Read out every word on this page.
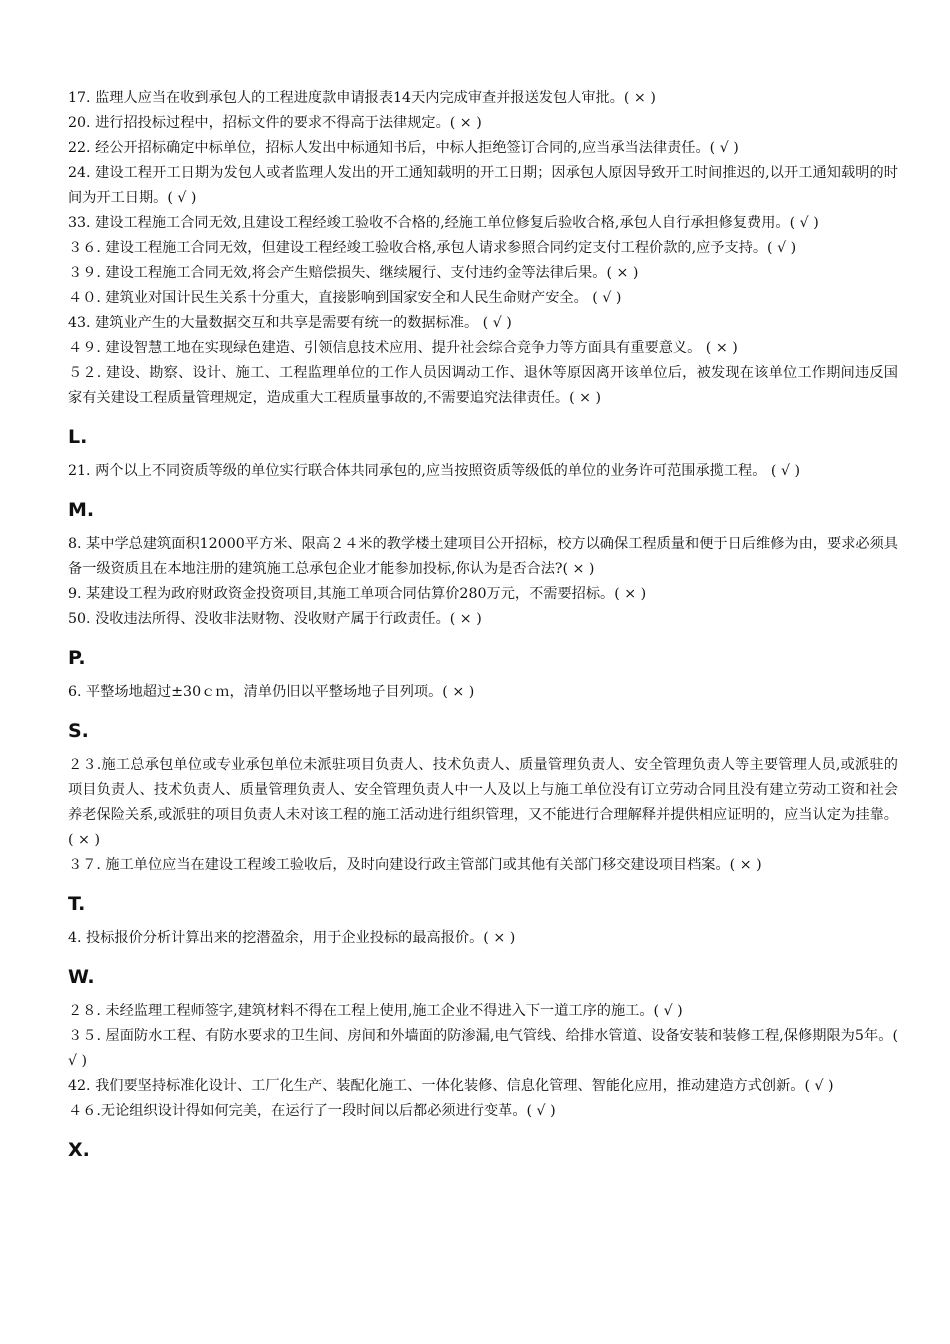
17. 监理人应当在收到承包人的工程进度款申请报表14天内完成审查并报送发包人审批。( × )

20. 进行招投标过程中，招标文件的要求不得高于法律规定。( × )

22. 经公开招标确定中标单位，招标人发出中标通知书后，中标人拒绝签订合同的,应当承当法律责任。( √ )

24. 建设工程开工日期为发包人或者监理人发出的开工通知载明的开工日期；因承包人原因导致开工时间推迟的,以开工通知载明的时间为开工日期。( √ )

33. 建设工程施工合同无效,且建设工程经竣工验收不合格的,经施工单位修复后验收合格,承包人自行承担修复费用。( √ )

３６. 建设工程施工合同无效，但建设工程经竣工验收合格,承包人请求参照合同约定支付工程价款的,应予支持。( √ )

３９. 建设工程施工合同无效,将会产生赔偿损失、继续履行、支付违约金等法律后果。( × )

４０. 建筑业对国计民生关系十分重大，直接影响到国家安全和人民生命财产安全。 ( √ )

43. 建筑业产生的大量数据交互和共享是需要有统一的数据标准。 ( √ )

４９. 建设智慧工地在实现绿色建造、引领信息技术应用、提升社会综合竞争力等方面具有重要意义。 ( × )

５２. 建设、勘察、设计、施工、工程监理单位的工作人员因调动工作、退休等原因离开该单位后，被发现在该单位工作期间违反国家有关建设工程质量管理规定，造成重大工程质量事故的,不需要追究法律责任。( × )

L.

21. 两个以上不同资质等级的单位实行联合体共同承包的,应当按照资质等级低的单位的业务许可范围承揽工程。 ( √ )

M.

8. 某中学总建筑面积12000平方米、限高２４米的教学楼土建项目公开招标，校方以确保工程质量和便于日后维修为由，要求必须具备一级资质且在本地注册的建筑施工总承包企业才能参加投标,你认为是否合法?( × )

9. 某建设工程为政府财政资金投资项目,其施工单项合同估算价280万元，不需要招标。( × )

50. 没收违法所得、没收非法财物、没收财产属于行政责任。( × )

P.

6. 平整场地超过±30ｃｍ，清单仍旧以平整场地子目列项。( × )

S.

２３.施工总承包单位或专业承包单位未派驻项目负责人、技术负责人、质量管理负责人、安全管理负责人等主要管理人员,或派驻的项目负责人、技术负责人、质量管理负责人、安全管理负责人中一人及以上与施工单位没有订立劳动合同且没有建立劳动工资和社会养老保险关系,或派驻的项目负责人未对该工程的施工活动进行组织管理，又不能进行合理解释并提供相应证明的，应当认定为挂靠。( × )

３７. 施工单位应当在建设工程竣工验收后，及时向建设行政主管部门或其他有关部门移交建设项目档案。( × )

T.

4. 投标报价分析计算出来的挖潜盈余，用于企业投标的最高报价。( × )

W.

２８. 未经监理工程师签字,建筑材料不得在工程上使用,施工企业不得进入下一道工序的施工。( √ )

３５. 屋面防水工程、有防水要求的卫生间、房间和外墙面的防渗漏,电气管线、给排水管道、设备安装和装修工程,保修期限为5年。( √ )

42. 我们要坚持标准化设计、工厂化生产、装配化施工、一体化装修、信息化管理、智能化应用，推动建造方式创新。( √ )

４６.无论组织设计得如何完美，在运行了一段时间以后都必须进行变革。( √ )

X.
